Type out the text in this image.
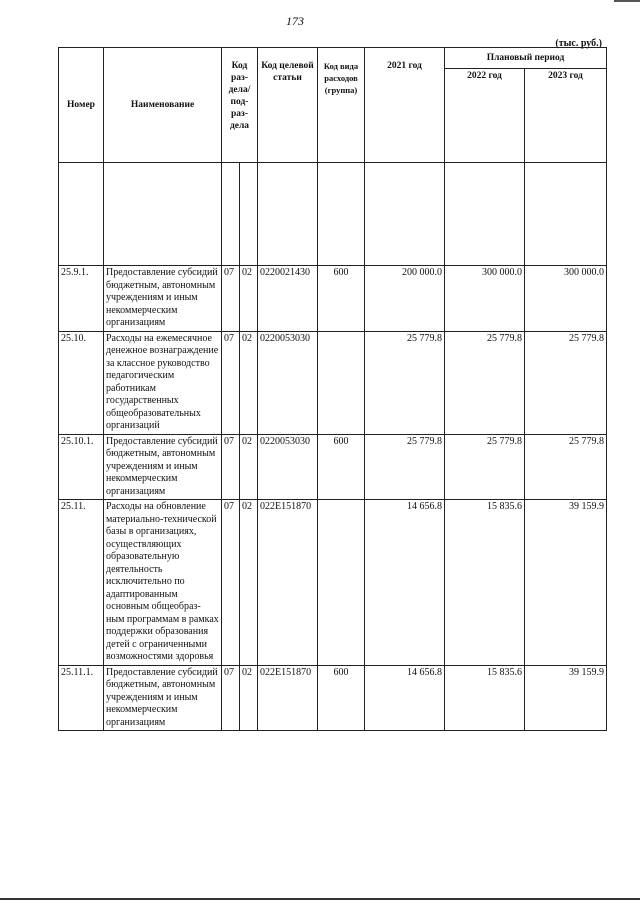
173
(тыс. руб.)
Номер	Наименование	Код раз-дела/ под-раз-дела		Код целевой статьи	Код вида расходов (группа)	2021 год	Плановый период	
							2022 год	2023 год

25.9.1.	Предоставление субсидий бюджетным, автономным учреждениям и иным некоммерческим организациям	07	02	0220021430	600	200 000.0	300 000.0	300 000.0
25.10.	Расходы на ежемесячное денежное вознаграждение за классное руководство педагогическим работникам государственных общеобразовательных организаций	07	02	0220053030		25 779.8	25 779.8	25 779.8
25.10.1.	Предоставление субсидий бюджетным, автономным учреждениям и иным некоммерческим организациям	07	02	0220053030	600	25 779.8	25 779.8	25 779.8
25.11.	Расходы на обновление материально-технической базы в организациях, осуществляющих образовательную деятельность исключительно по адаптированным основным общеобраз-ным программам в рамках поддержки образования детей с ограниченными возможностями здоровья	07	02	022E151870		14 656.8	15 835.6	39 159.9
25.11.1.	Предоставление субсидий бюджетным, автономным учреждениям и иным некоммерческим организациям	07	02	022E151870	600	14 656.8	15 835.6	39 159.9
